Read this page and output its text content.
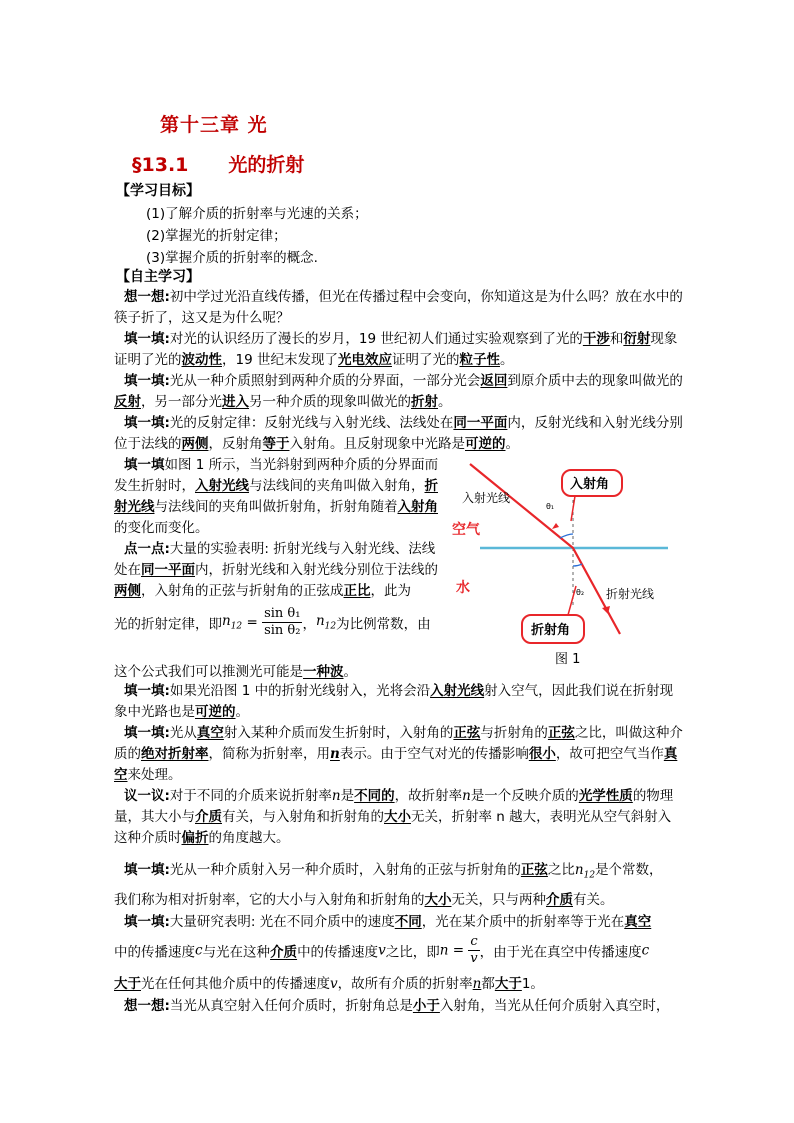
第十三章 光
§13.1 光的折射
【学习目标】
(1)了解介质的折射率与光速的关系；
(2)掌握光的折射定律；
(3)掌握介质的折射率的概念.
【自主学习】
想一想:初中学过光沿直线传播，但光在传播过程中会变向，你知道这是为什么吗？放在水中的筷子折了，这又是为什么呢？
填一填:对光的认识经历了漫长的岁月，19 世纪初人们通过实验观察到了光的干涉和衍射现象证明了光的波动性，19 世纪末发现了光电效应证明了光的粒子性。
填一填:光从一种介质照射到两种介质的分界面，一部分光会返回到原介质中去的现象叫做光的反射，另一部分光进入另一种介质的现象叫做光的折射。
填一填:光的反射定律：反射光线与入射光线、法线处在同一平面内，反射光线和入射光线分别位于法线的两侧，反射角等于入射角。且反射现象中光路是可逆的。
填一填如图 1 所示，当光斜射到两种介质的分界面而发生折射时，入射光线与法线间的夹角叫做入射角，折射光线与法线间的夹角叫做折射角，折射角随着入射角的变化而变化。
点一点:大量的实验表明: 折射光线与入射光线、法线处在同一平面内，折射光线和入射光线分别位于法线的两侧，入射角的正弦与折射角的正弦成正比，此为
光的折射定律，即$n_{12} = \frac{\text{sin θ₁}}{\text{sin θ₂}}$ ，$n_{12}$为比例常数，由
这个公式我们可以推测光可能是一种波。
填一填:如果光沿图 1 中的折射光线射入，光将会沿入射光线射入空气，因此我们说在折射现象中光路也是可逆的。
填一填:光从真空射入某种介质而发生折射时，入射角的正弦与折射角的正弦之比，叫做这种介质的绝对折射率，简称为折射率，用n表示。由于空气对光的传播影响很小，故可把空气当作真空来处理。
议一议:对于不同的介质来说折射率n是不同的，故折射率n是一个反映介质的光学性质的物理量，其大小与介质有关，与入射角和折射角的大小无关，折射率 n 越大，表明光从空气斜射入这种介质时偏折的角度越大。
填一填:光从一种介质射入另一种介质时，入射角的正弦与折射角的正弦之比$n_{12}$是个常数，
我们称为相对折射率，它的大小与入射角和折射角的大小无关，只与两种介质有关。
填一填:大量研究表明: 光在不同介质中的速度不同，光在某介质中的折射率等于光在真空
中的传播速度c与光在这种介质中的传播速度v之比，即$n = \frac{c}{v}$ ，由于光在真空中传播速度c
大于光在任何其他介质中的传播速度v，故所有介质的折射率n都大于1。
想一想:当光从真空射入任何介质时，折射角总是小于入射角，当光从任何介质射入真空时，
入射光线
θ₁
θ₂
入射角
空气
水	折射光线
折射角
图 1
